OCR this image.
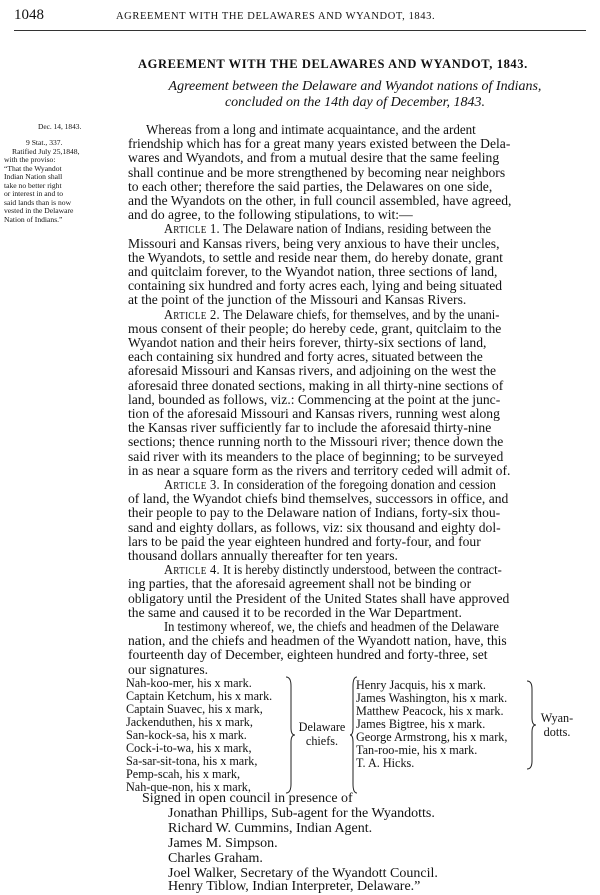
1048	AGREEMENT WITH THE DELAWARES AND WYANDOT, 1843.
AGREEMENT WITH THE DELAWARES AND WYANDOT, 1843.
Agreement between the Delaware and Wyandot nations of Indians,
concluded on the 14th day of December, 1843.
Dec. 14, 1843.
9 Stat., 337.
Ratified July 25,1848,
with the proviso:
“That the Wyandot
Indian Nation shall
take no better right
or interest in and to
said lands than is now
vested in the Delaware
Nation of Indians.”
Whereas from a long and intimate acquaintance, and the ardent
friendship which has for a great many years existed between the Dela-
wares and Wyandots, and from a mutual desire that the same feeling
shall continue and be more strengthened by becoming near neighbors
to each other; therefore the said parties, the Delawares on one side,
and the Wyandots on the other, in full council assembled, have agreed,
and do agree, to the following stipulations, to wit:—
Article 1. The Delaware nation of Indians, residing between the
Missouri and Kansas rivers, being very anxious to have their uncles,
the Wyandots, to settle and reside near them, do hereby donate, grant
and quitclaim forever, to the Wyandot nation, three sections of land,
containing six hundred and forty acres each, lying and being situated
at the point of the junction of the Missouri and Kansas Rivers.
Article 2. The Delaware chiefs, for themselves, and by the unani-
mous consent of their people; do hereby cede, grant, quitclaim to the
Wyandot nation and their heirs forever, thirty-six sections of land,
each containing six hundred and forty acres, situated between the
aforesaid Missouri and Kansas rivers, and adjoining on the west the
aforesaid three donated sections, making in all thirty-nine sections of
land, bounded as follows, viz.: Commencing at the point at the junc-
tion of the aforesaid Missouri and Kansas rivers, running west along
the Kansas river sufficiently far to include the aforesaid thirty-nine
sections; thence running north to the Missouri river; thence down the
said river with its meanders to the place of beginning; to be surveyed
in as near a square form as the rivers and territory ceded will admit of.
Article 3. In consideration of the foregoing donation and cession
of land, the Wyandot chiefs bind themselves, successors in office, and
their people to pay to the Delaware nation of Indians, forty-six thou-
sand and eighty dollars, as follows, viz: six thousand and eighty dol-
lars to be paid the year eighteen hundred and forty-four, and four
thousand dollars annually thereafter for ten years.
Article 4. It is hereby distinctly understood, between the contract-
ing parties, that the aforesaid agreement shall not be binding or
obligatory until the President of the United States shall have approved
the same and caused it to be recorded in the War Department.
In testimony whereof, we, the chiefs and headmen of the Delaware
nation, and the chiefs and headmen of the Wyandott nation, have, this
fourteenth day of December, eighteen hundred and forty-three, set
our signatures.
Nah-koo-mer, his x mark.
Captain Ketchum, his x mark.
Captain Suavec, his x mark,
Jackenduthen, his x mark,
San-kock-sa, his x mark.
Cock-i-to-wa, his x mark,
Sa-sar-sit-tona, his x mark,
Pemp-scah, his x mark,
Nah-que-non, his x mark,
Delaware
chiefs.
Henry Jacquis, his x mark.
James Washington, his x mark.
Matthew Peacock, his x mark.
James Bigtree, his x mark.
George Armstrong, his x mark,
Tan-roo-mie, his x mark.
T. A. Hicks.
Wyan-
dotts.
Signed in open council in presence of
Jonathan Phillips, Sub-agent for the Wyandotts.
Richard W. Cummins, Indian Agent.
James M. Simpson.
Charles Graham.
Joel Walker, Secretary of the Wyandott Council.
Henry Tiblow, Indian Interpreter, Delaware.”
